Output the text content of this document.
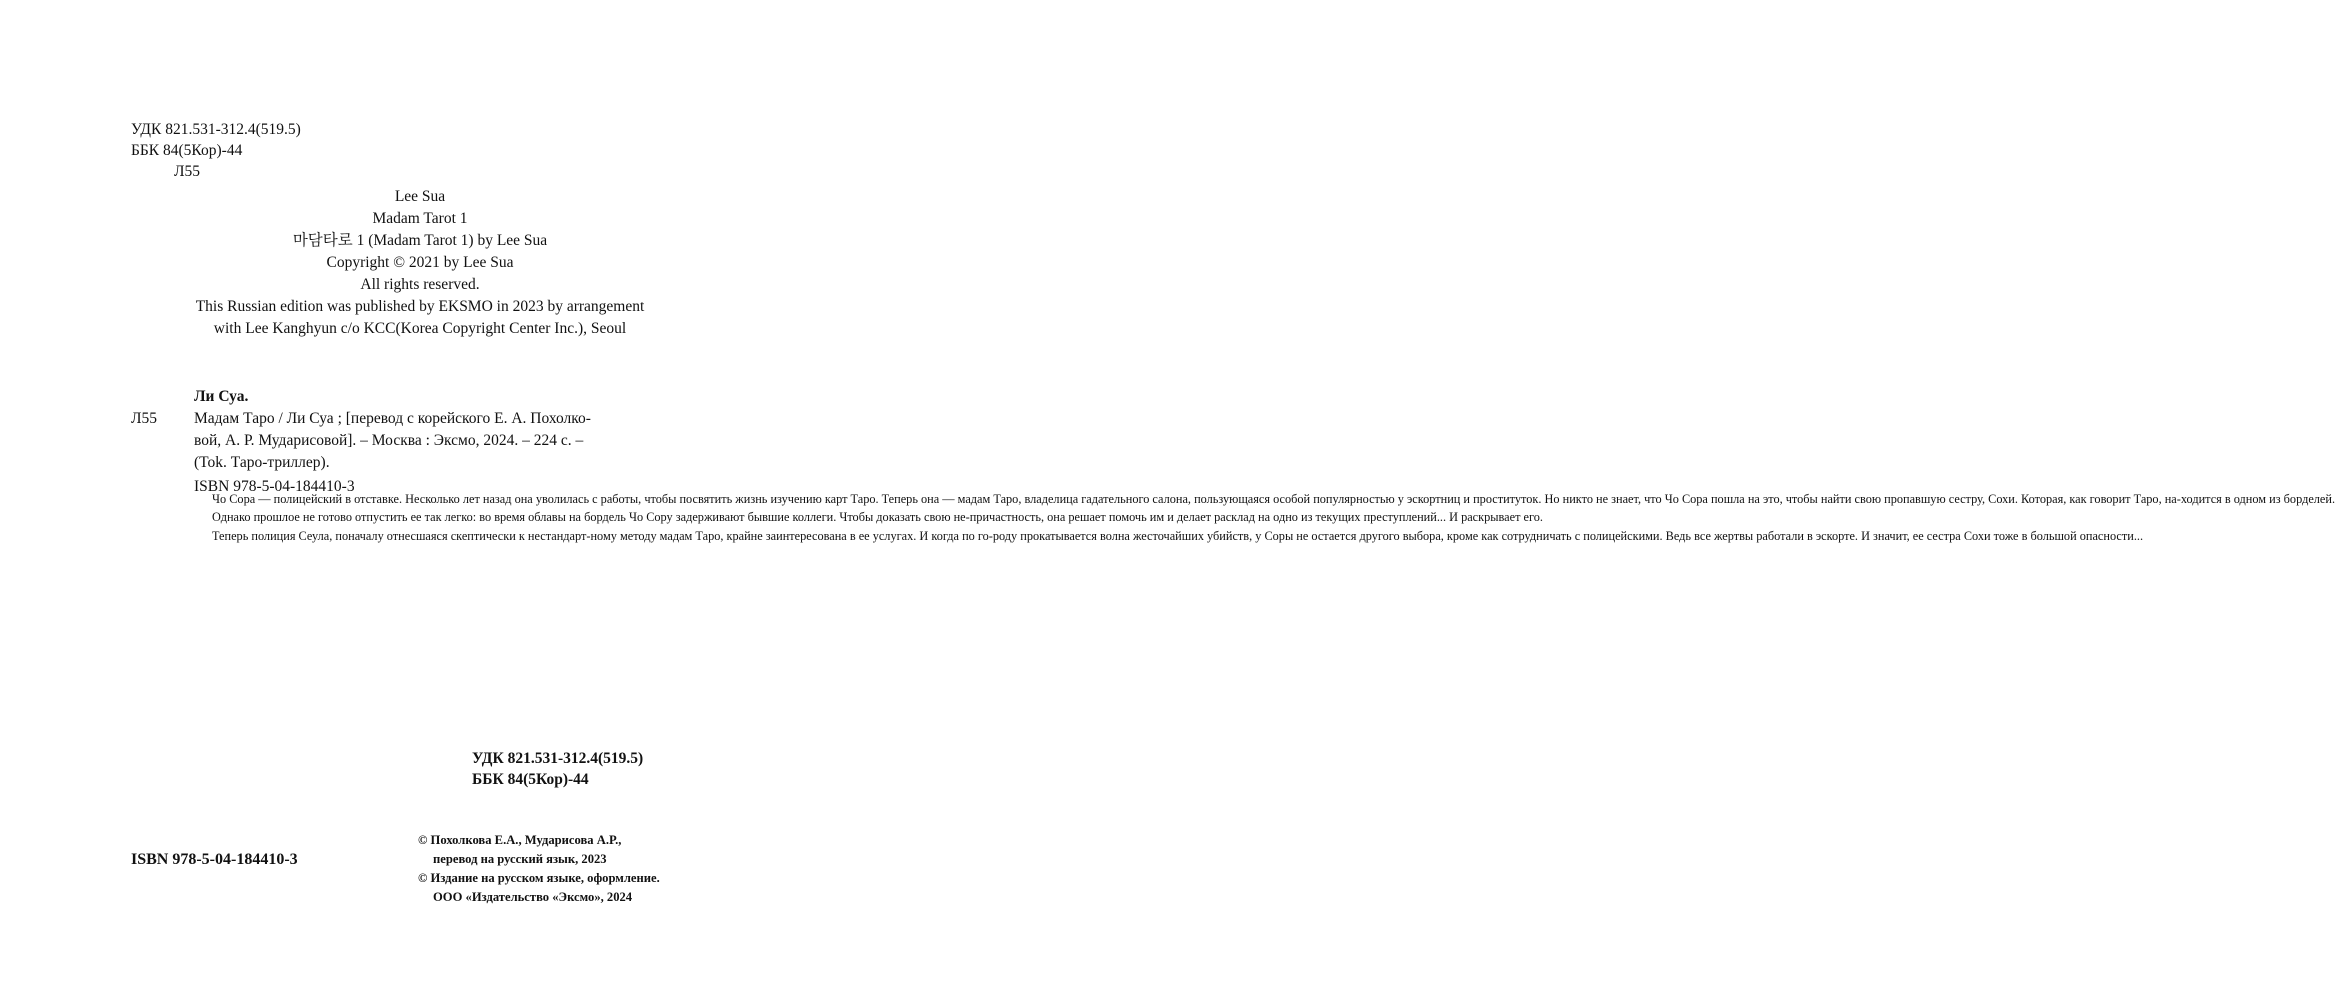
УДК 821.531-312.4(519.5)
ББК 84(5Кор)-44
Л55
Lee Sua
Madam Tarot 1
마담타로 1 (Madam Tarot 1) by Lee Sua
Copyright © 2021 by Lee Sua
All rights reserved.
This Russian edition was published by EKSMO in 2023 by arrangement
with Lee Kanghyun c/o KCC(Korea Copyright Center Inc.), Seoul
Ли Суа.
Л55	Мадам Таро / Ли Суа ; [перевод с корейского Е. А. Похолко-
вой, А. Р. Мударисовой]. – Москва : Эксмо, 2024. – 224 с. –
(Tok. Таро-триллер).
ISBN 978-5-04-184410-3

Чо Сора — полицейский в отставке. Несколько лет назад она уволилась с работы, чтобы посвятить жизнь изучению карт Таро. Теперь она — мадам Таро, владелица гадательного салона, пользующаяся особой популярностью у эскортниц и проституток. Но никто не знает, что Чо Сора пошла на это, чтобы найти свою пропавшую сестру, Сохи. Которая, как говорит Таро, на-ходится в одном из борделей.

Однако прошлое не готово отпустить ее так легко: во время облавы на бордель Чо Сору задерживают бывшие коллеги. Чтобы доказать свою не-причастность, она решает помочь им и делает расклад на одно из текущих преступлений... И раскрывает его.

Теперь полиция Сеула, поначалу отнесшаяся скептически к нестандарт-ному методу мадам Таро, крайне заинтересована в ее услугах. И когда по го-роду прокатывается волна жесточайших убийств, у Соры не остается другого выбора, кроме как сотрудничать с полицейскими. Ведь все жертвы работали в эскорте. И значит, ее сестра Сохи тоже в большой опасности...

УДК 821.531-312.4(519.5)
ББК 84(5Кор)-44
© Похолкова Е.А., Мударисова А.Р.,
перевод на русский язык, 2023
© Издание на русском языке, оформление.
ООО «Издательство «Эксмо», 2024
ISBN 978-5-04-184410-3
